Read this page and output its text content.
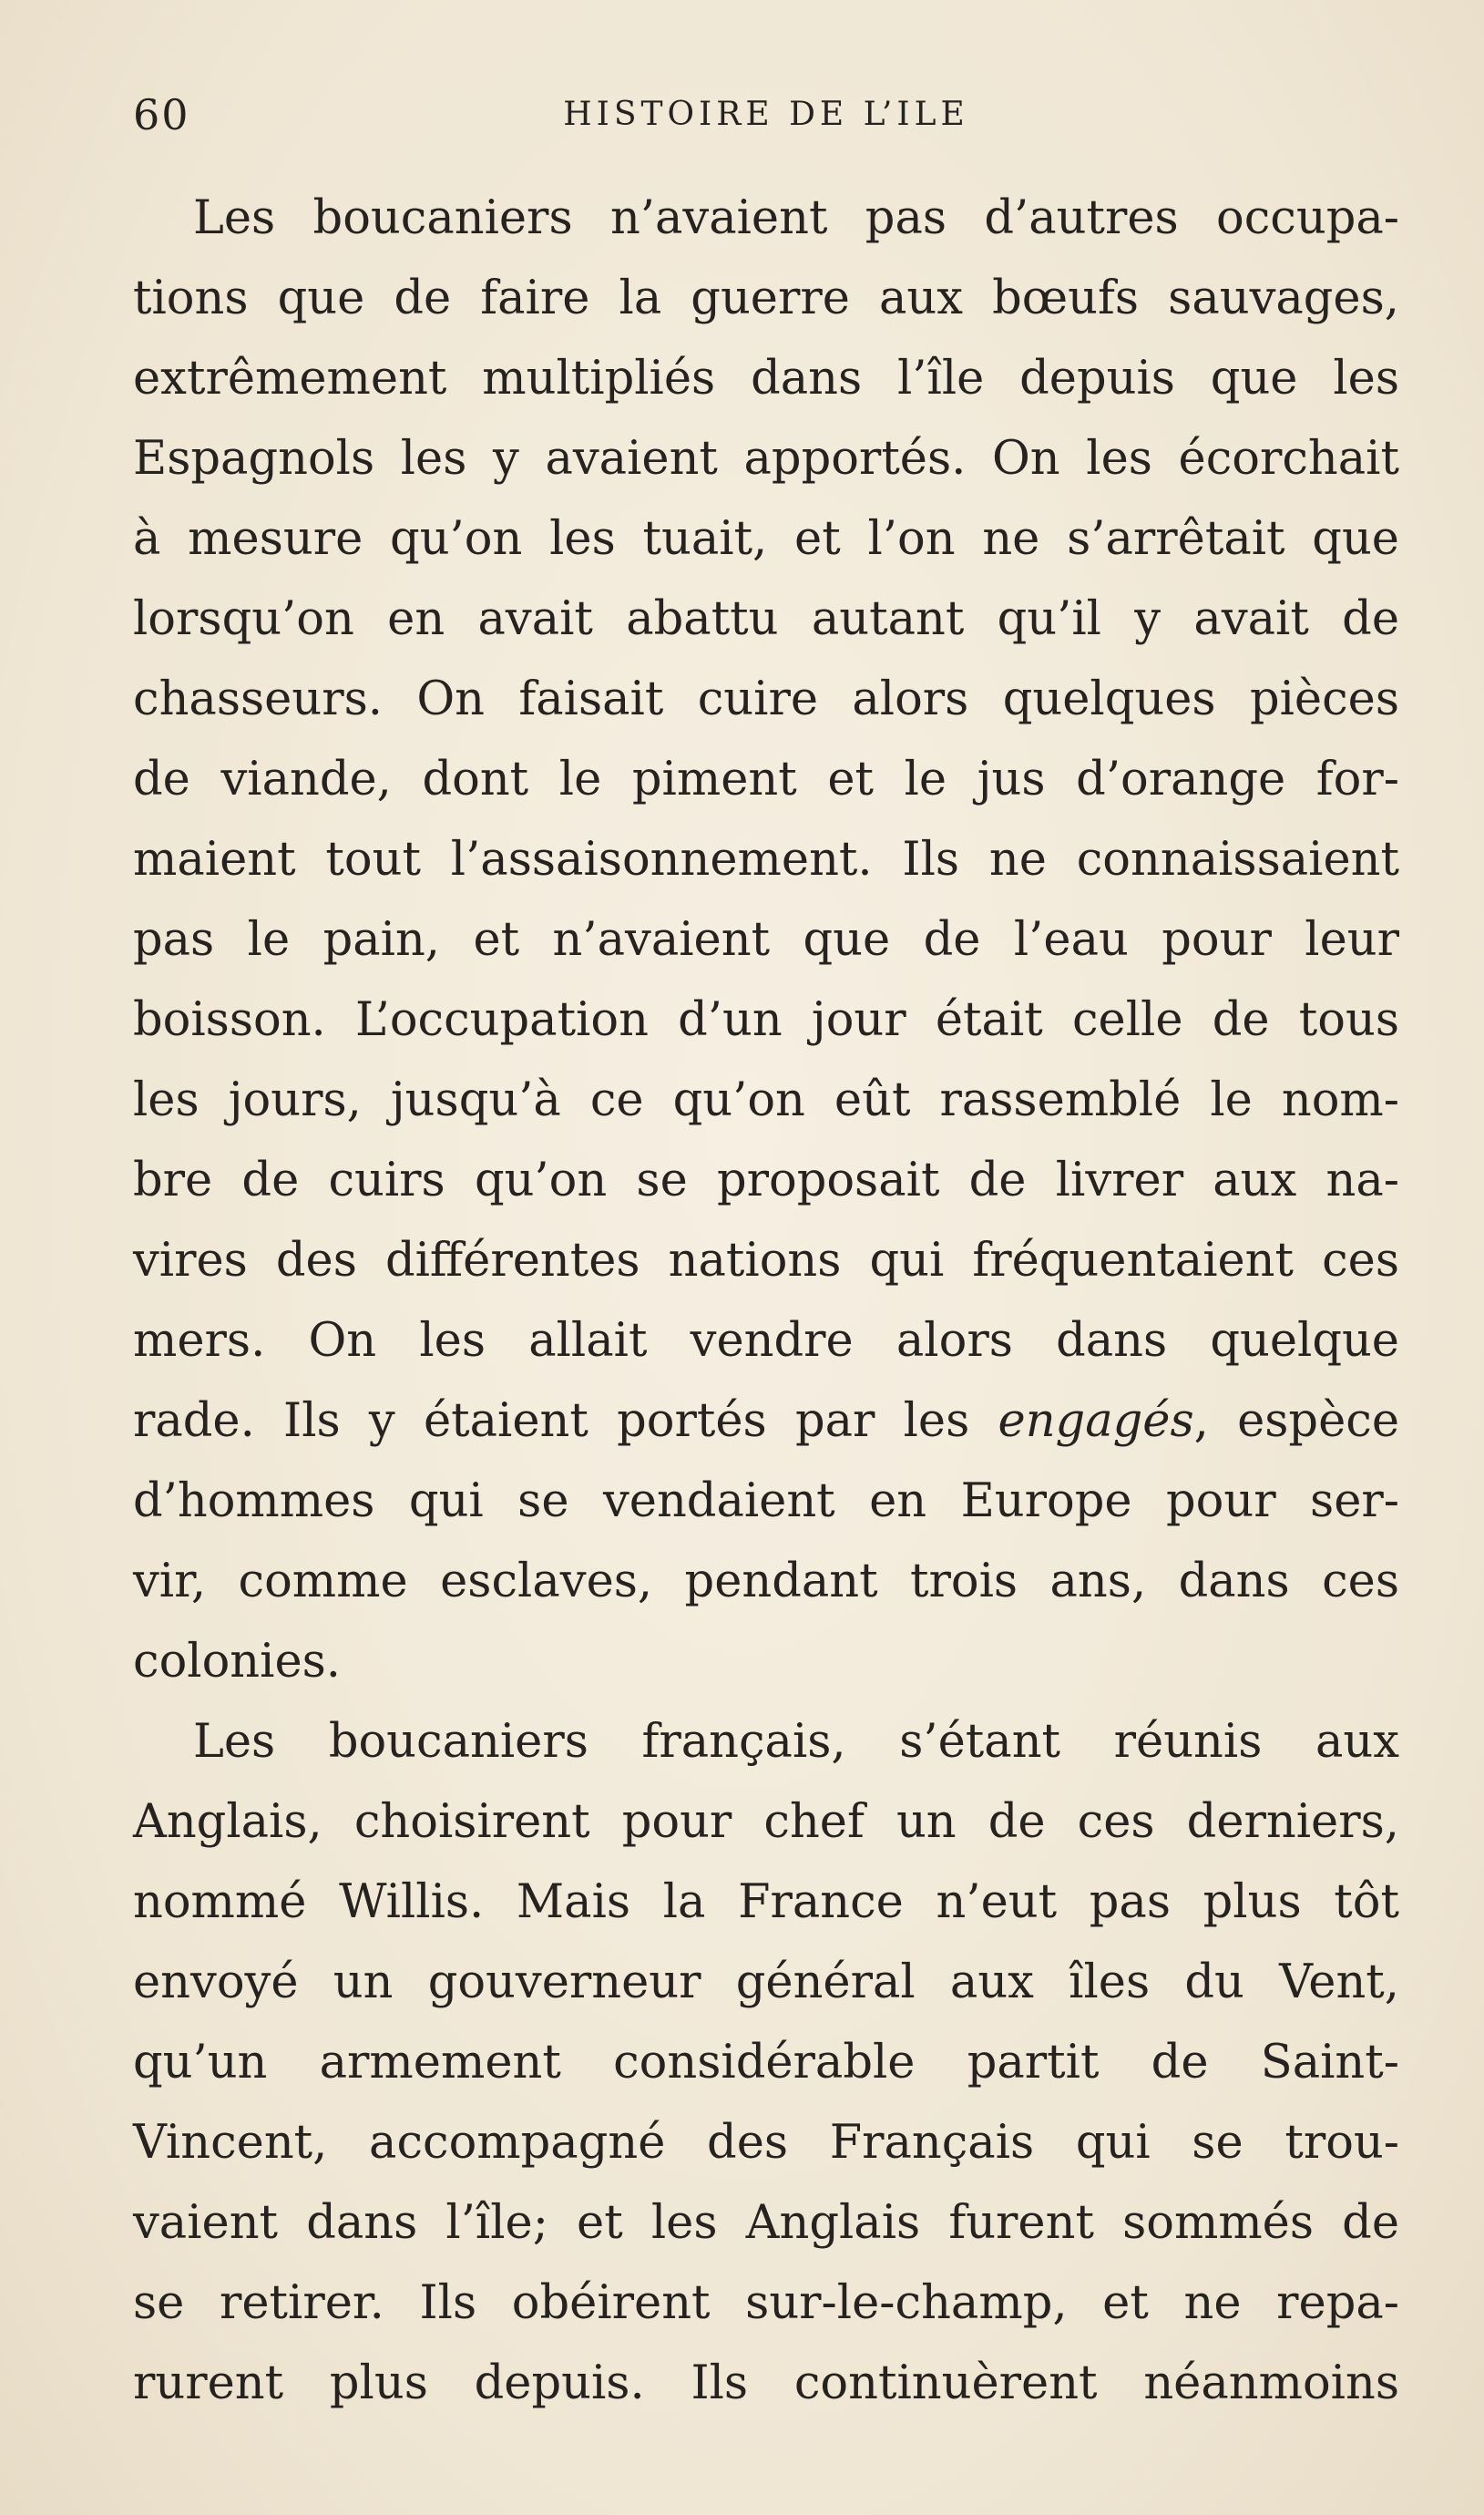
60	HISTOIRE DE L’ILE
Les boucaniers n’avaient pas d’autres occupa-
tions que de faire la guerre aux bœufs sauvages,
extrêmement multipliés dans l’île depuis que les
Espagnols les y avaient apportés. On les écorchait
à mesure qu’on les tuait, et l’on ne s’arrêtait que
lorsqu’on en avait abattu autant qu’il y avait de
chasseurs. On faisait cuire alors quelques pièces
de viande, dont le piment et le jus d’orange for-
maient tout l’assaisonnement. Ils ne connaissaient
pas le pain, et n’avaient que de l’eau pour leur
boisson. L’occupation d’un jour était celle de tous
les jours, jusqu’à ce qu’on eût rassemblé le nom-
bre de cuirs qu’on se proposait de livrer aux na-
vires des différentes nations qui fréquentaient ces
mers. On les allait vendre alors dans quelque
rade. Ils y étaient portés par les engagés, espèce
d’hommes qui se vendaient en Europe pour ser-
vir, comme esclaves, pendant trois ans, dans ces
colonies.
Les boucaniers français, s’étant réunis aux
Anglais, choisirent pour chef un de ces derniers,
nommé Willis. Mais la France n’eut pas plus tôt
envoyé un gouverneur général aux îles du Vent,
qu’un armement considérable partit de Saint-
Vincent, accompagné des Français qui se trou-
vaient dans l’île; et les Anglais furent sommés de
se retirer. Ils obéirent sur-le-champ, et ne repa-
rurent plus depuis. Ils continuèrent néanmoins
